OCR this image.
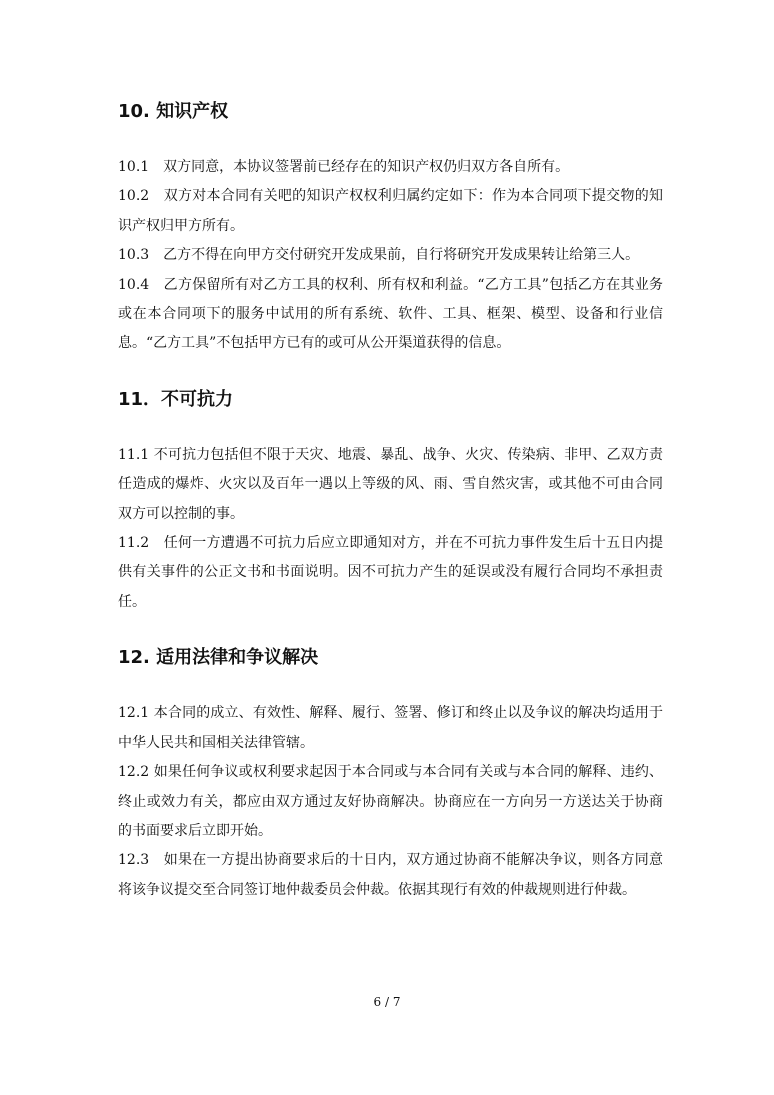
10. 知识产权

10.1　双方同意，本协议签署前已经存在的知识产权仍归双方各自所有。

10.2　双方对本合同有关吧的知识产权权利归属约定如下：作为本合同项下提交物的知识产权归甲方所有。

10.3　乙方不得在向甲方交付研究开发成果前，自行将研究开发成果转让给第三人。

10.4　乙方保留所有对乙方工具的权利、所有权和利益。“乙方工具”包括乙方在其业务或在本合同项下的服务中试用的所有系统、软件、工具、框架、模型、设备和行业信息。“乙方工具”不包括甲方已有的或可从公开渠道获得的信息。

11．不可抗力

11.1 不可抗力包括但不限于天灾、地震、暴乱、战争、火灾、传染病、非甲、乙双方责任造成的爆炸、火灾以及百年一遇以上等级的风、雨、雪自然灾害，或其他不可由合同双方可以控制的事。

11.2　任何一方遭遇不可抗力后应立即通知对方，并在不可抗力事件发生后十五日内提供有关事件的公正文书和书面说明。因不可抗力产生的延误或没有履行合同均不承担责任。

12. 适用法律和争议解决

12.1 本合同的成立、有效性、解释、履行、签署、修订和终止以及争议的解决均适用于中华人民共和国相关法律管辖。

12.2 如果任何争议或权利要求起因于本合同或与本合同有关或与本合同的解释、违约、终止或效力有关，都应由双方通过友好协商解决。协商应在一方向另一方送达关于协商的书面要求后立即开始。

12.3　如果在一方提出协商要求后的十日内，双方通过协商不能解决争议，则各方同意将该争议提交至合同签订地仲裁委员会仲裁。依据其现行有效的仲裁规则进行仲裁。

6 / 7
